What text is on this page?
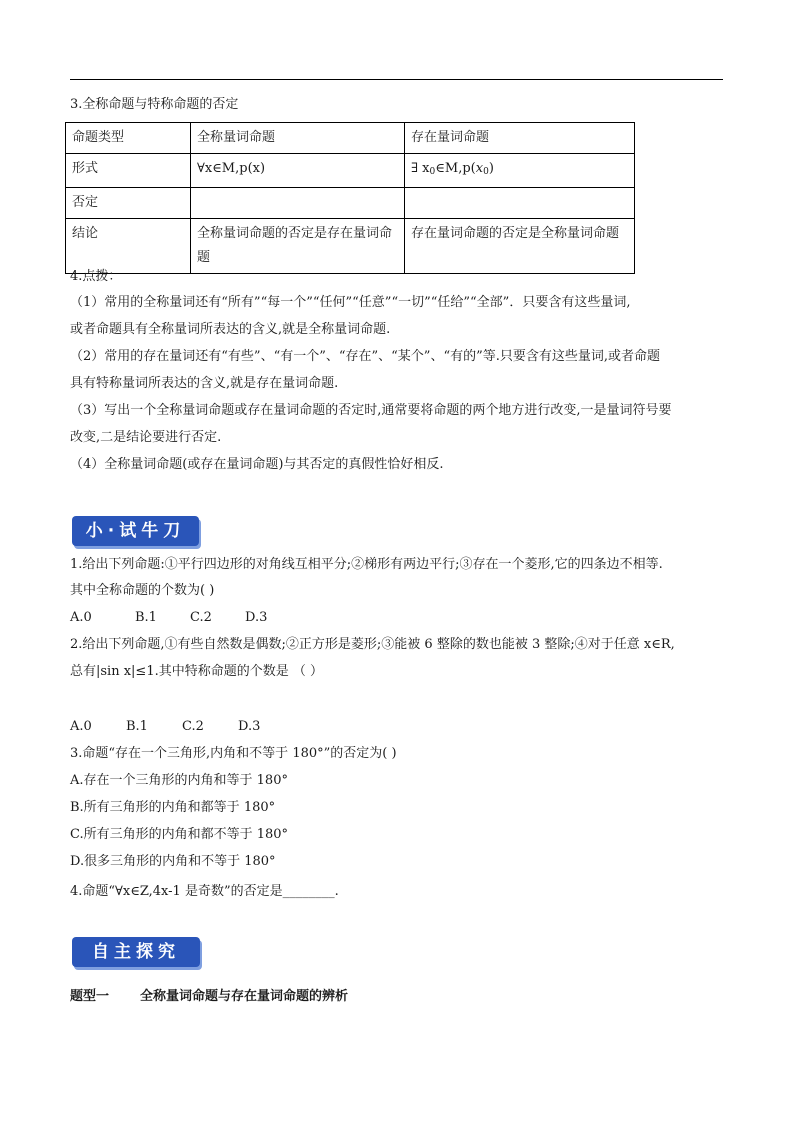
3.全称命题与特称命题的否定
命题类型	全称量词命题	存在量词命题
形式	∀x∈M,p(x)	∃ $x_0\in M,p(x_0)$
否定		
结论	全称量词命题的否定是存在量词命题	存在量词命题的否定是全称量词命题
4.点拨：
（1）常用的全称量词还有“所有”“每一个”“任何”“任意”“一切”“任给”“全部”．只要含有这些量词,
或者命题具有全称量词所表达的含义,就是全称量词命题.
（2）常用的存在量词还有“有些”、“有一个”、“存在”、“某个”、“有的”等.只要含有这些量词,或者命题
具有特称量词所表达的含义,就是存在量词命题.
（3）写出一个全称量词命题或存在量词命题的否定时,通常要将命题的两个地方进行改变,一是量词符号要
改变,二是结论要进行否定.
（4）全称量词命题(或存在量词命题)与其否定的真假性恰好相反.
小·试牛刀
1.给出下列命题:①平行四边形的对角线互相平分;②梯形有两边平行;③存在一个菱形,它的四条边不相等.
其中全称命题的个数为( )
A.0	B.1	C.2	D.3
2.给出下列命题,①有些自然数是偶数;②正方形是菱形;③能被 6 整除的数也能被 3 整除;④对于任意 x∈R,
总有|sin x|≤1.其中特称命题的个数是 （ ）
A.0	B.1	C.2	D.3
3.命题“存在一个三角形,内角和不等于 180°”的否定为( )
A.存在一个三角形的内角和等于 180°
B.所有三角形的内角和都等于 180°
C.所有三角形的内角和都不等于 180°
D.很多三角形的内角和不等于 180°
4.命题“∀x∈Z,4x-1 是奇数”的否定是________.
自主探究
题型一 全称量词命题与存在量词命题的辨析
